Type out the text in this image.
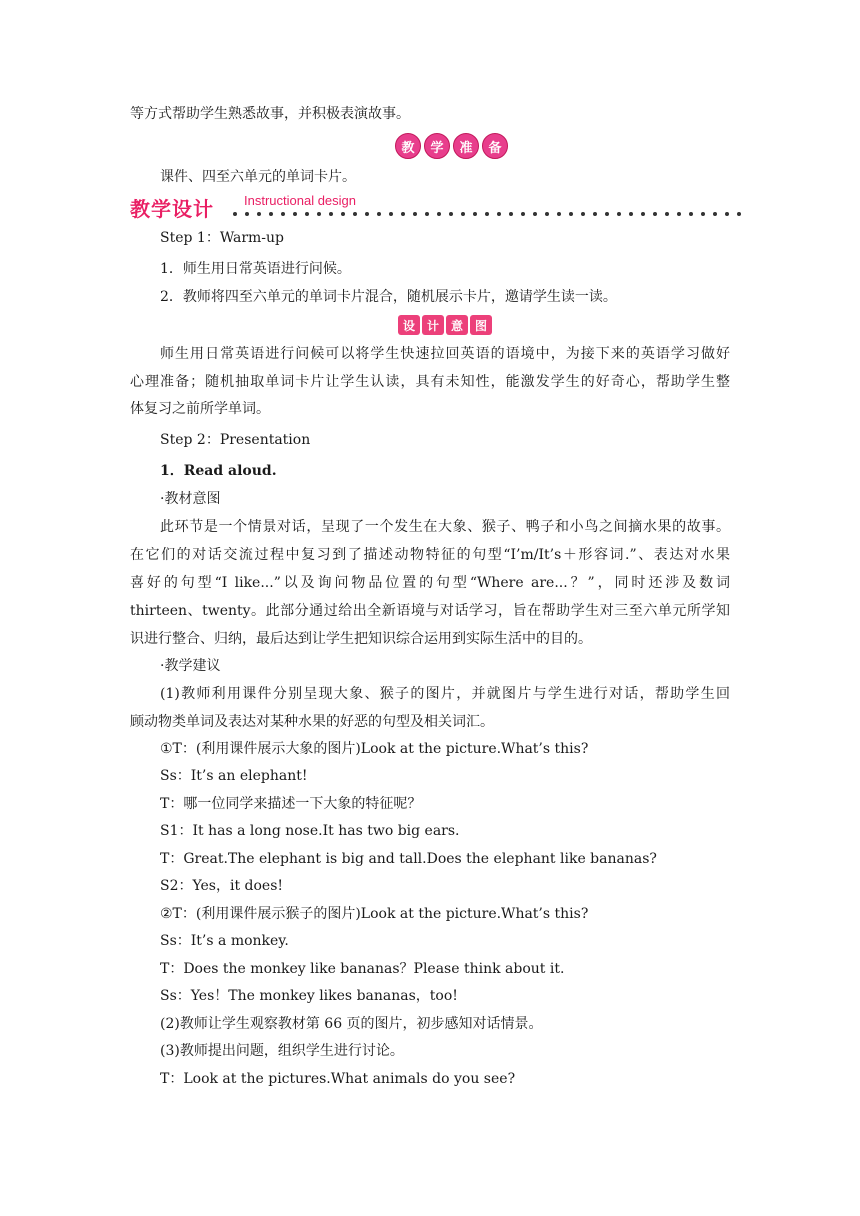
等方式帮助学生熟悉故事，并积极表演故事。
教	学	准	备
课件、四至六单元的单词卡片。
教学设计 Instructional design
Step 1：Warm-up
1．师生用日常英语进行问候。
2．教师将四至六单元的单词卡片混合，随机展示卡片，邀请学生读一读。
设 计 意 图
师生用日常英语进行问候可以将学生快速拉回英语的语境中，为接下来的英语学习做好
心理准备；随机抽取单词卡片让学生认读，具有未知性，能激发学生的好奇心，帮助学生整
体复习之前所学单词。
Step 2：Presentation
1．Read aloud.
·教材意图
此环节是一个情景对话，呈现了一个发生在大象、猴子、鸭子和小鸟之间摘水果的故事。
在它们的对话交流过程中复习到了描述动物特征的句型“I’m/It’s＋形容词.”、表达对水果
喜好的句型“I like...”以及询问物品位置的句型“Where are...？”，同时还涉及数词
thirteen、twenty。此部分通过给出全新语境与对话学习，旨在帮助学生对三至六单元所学知
识进行整合、归纳，最后达到让学生把知识综合运用到实际生活中的目的。
·教学建议
(1)教师利用课件分别呈现大象、猴子的图片，并就图片与学生进行对话，帮助学生回
顾动物类单词及表达对某种水果的好恶的句型及相关词汇。
①T：(利用课件展示大象的图片)Look at the picture.What’s this?
Ss：It’s an elephant!
T：哪一位同学来描述一下大象的特征呢？
S1：It has a long nose.It has two big ears.
T：Great.The elephant is big and tall.Does the elephant like bananas?
S2：Yes，it does!
②T：(利用课件展示猴子的图片)Look at the picture.What’s this?
Ss：It’s a monkey.
T：Does the monkey like bananas？Please think about it.
Ss：Yes！The monkey likes bananas，too!
(2)教师让学生观察教材第 66 页的图片，初步感知对话情景。
(3)教师提出问题，组织学生进行讨论。
T：Look at the pictures.What animals do you see?
